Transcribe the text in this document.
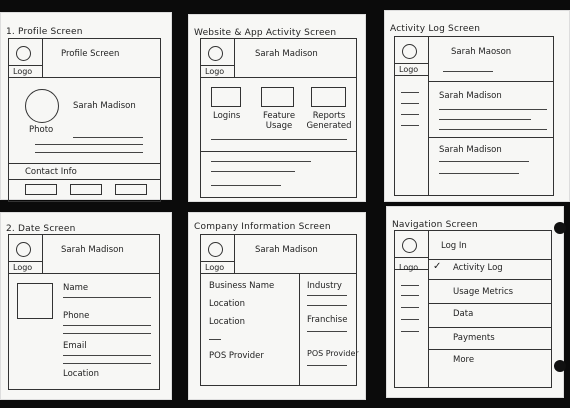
1. Profile Screen
Logo
Profile Screen
Photo
Sarah Madison
Contact Info
Website & App Activity Screen
Logo
Sarah Madison
Logins	Feature Usage
Reports Generated
Activity Log Screen
Logo
Sarah Maoson
Sarah Madison
Sarah Madison
2. Date Screen
Logo
Sarah Madison
Name
Phone
Email
Location
Company Information Screen
Logo
Sarah Madison
Business Name
Location
Location
POS Provider
Industry
Franchise
POS Provider
Navigation Screen
Logo
Log In
✓ Activity Log
Usage Metrics
Data
Payments
More
